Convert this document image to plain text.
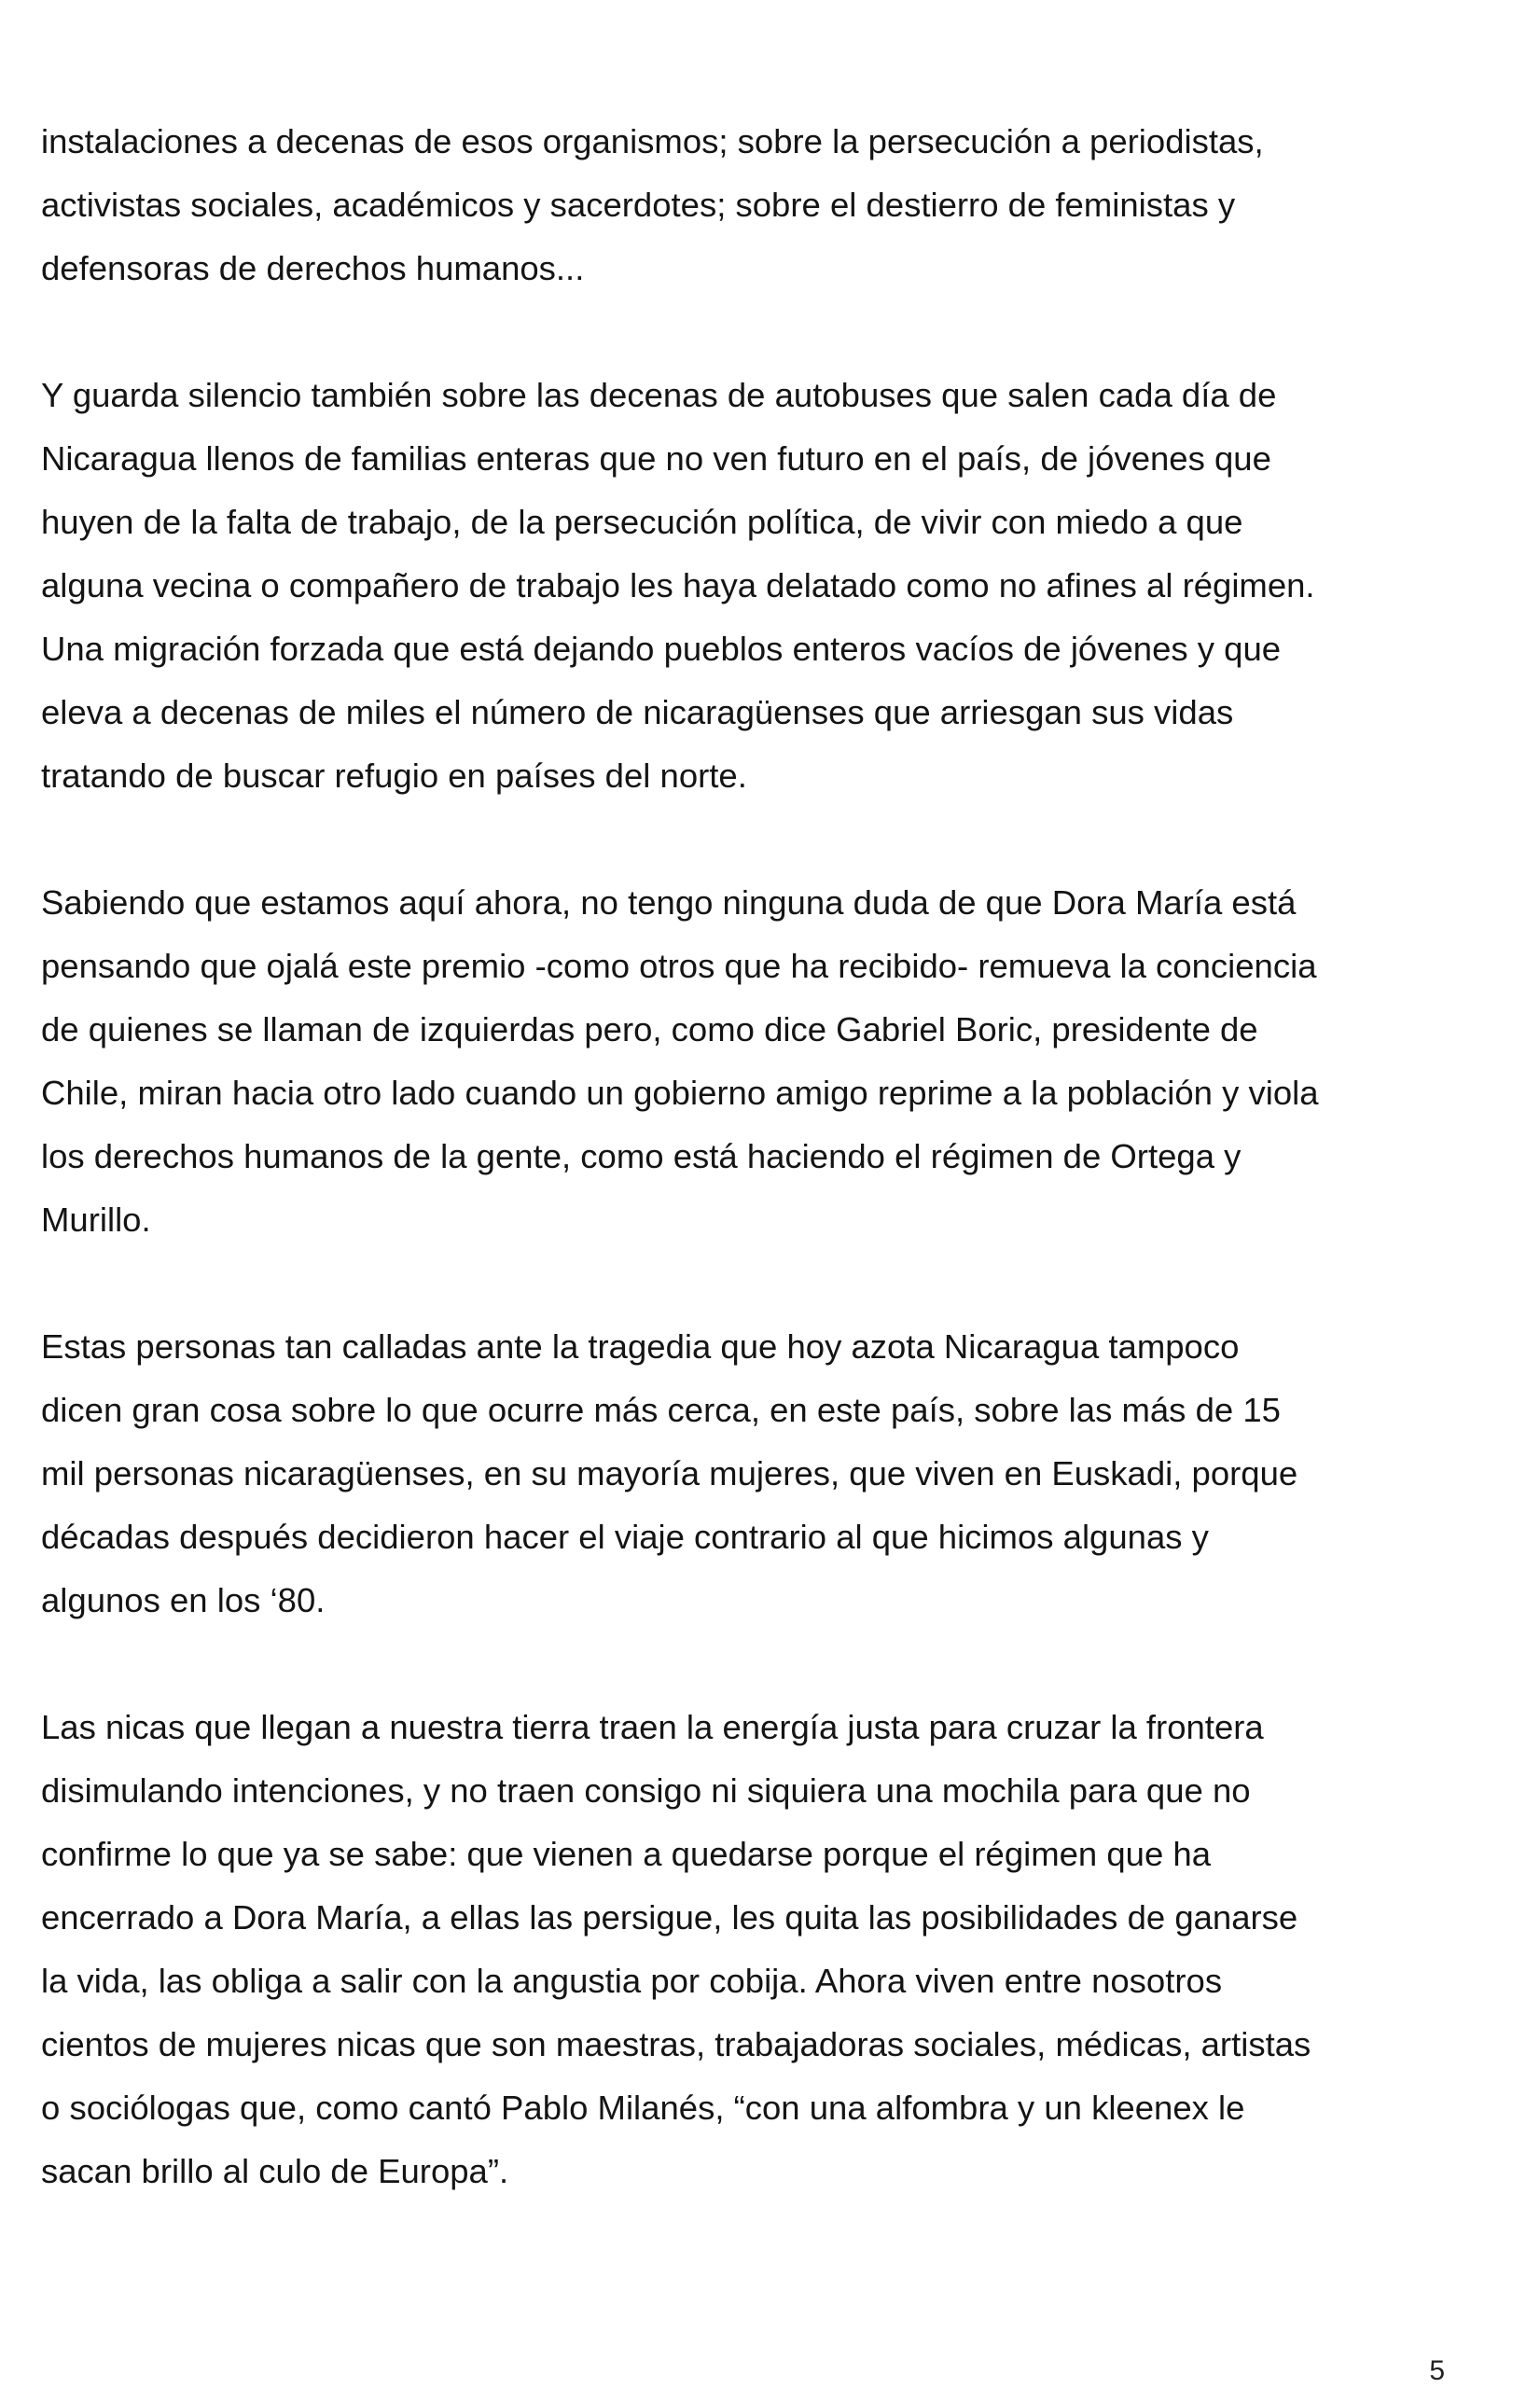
instalaciones a decenas de esos organismos; sobre la persecución a periodistas,
activistas sociales, académicos y sacerdotes; sobre el destierro de feministas y
defensoras de derechos humanos...

Y guarda silencio también sobre las decenas de autobuses que salen cada día de
Nicaragua llenos de familias enteras que no ven futuro en el país, de jóvenes que
huyen de la falta de trabajo, de la persecución política, de vivir con miedo a que
alguna vecina o compañero de trabajo les haya delatado como no afines al régimen.
Una migración forzada que está dejando pueblos enteros vacíos de jóvenes y que
eleva a decenas de miles el número de nicaragüenses que arriesgan sus vidas
tratando de buscar refugio en países del norte.

Sabiendo que estamos aquí ahora, no tengo ninguna duda de que Dora María está
pensando que ojalá este premio -como otros que ha recibido- remueva la conciencia
de quienes se llaman de izquierdas pero, como dice Gabriel Boric, presidente de
Chile, miran hacia otro lado cuando un gobierno amigo reprime a la población y viola
los derechos humanos de la gente, como está haciendo el régimen de Ortega y
Murillo.

Estas personas tan calladas ante la tragedia que hoy azota Nicaragua tampoco
dicen gran cosa sobre lo que ocurre más cerca, en este país, sobre las más de 15
mil personas nicaragüenses, en su mayoría mujeres, que viven en Euskadi, porque
décadas después decidieron hacer el viaje contrario al que hicimos algunas y
algunos en los ‘80.

Las nicas que llegan a nuestra tierra traen la energía justa para cruzar la frontera
disimulando intenciones, y no traen consigo ni siquiera una mochila para que no
confirme lo que ya se sabe: que vienen a quedarse porque el régimen que ha
encerrado a Dora María, a ellas las persigue, les quita las posibilidades de ganarse
la vida, las obliga a salir con la angustia por cobija. Ahora viven entre nosotros
cientos de mujeres nicas que son maestras, trabajadoras sociales, médicas, artistas
o sociólogas que, como cantó Pablo Milanés, “con una alfombra y un kleenex le
sacan brillo al culo de Europa”.

5
